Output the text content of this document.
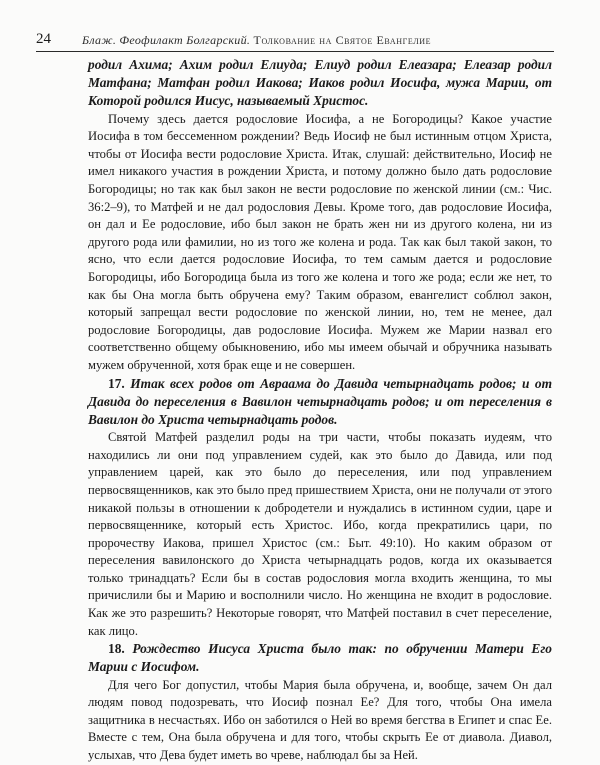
24	Блаж. Феофилакт Болгарский. Толкование на Святое Евангелие

родил Ахима; Ахим родил Елиуда; Елиуд родил Елеазара; Елеазар родил Матфана; Матфан родил Иакова; Иаков родил Иосифа, мужа Марии, от Которой родился Иисус, называемый Христос.

Почему здесь дается родословие Иосифа, а не Богородицы? Какое участие Иосифа в том бессеменном рождении? Ведь Иосиф не был истинным отцом Христа, чтобы от Иосифа вести родословие Христа. Итак, слушай: действительно, Иосиф не имел никакого участия в рождении Христа, и потому должно было дать родословие Богородицы; но так как был закон не вести родословие по женской линии (см.: Чис. 36:2–9), то Матфей и не дал родословия Девы. Кроме того, дав родословие Иосифа, он дал и Ее родословие, ибо был закон не брать жен ни из другого колена, ни из другого рода или фамилии, но из того же колена и рода. Так как был такой закон, то ясно, что если дается родословие Иосифа, то тем самым дается и родословие Богородицы, ибо Богородица была из того же колена и того же рода; если же нет, то как бы Она могла быть обручена ему? Таким образом, евангелист соблюл закон, который запрещал вести родословие по женской линии, но, тем не менее, дал родословие Богородицы, дав родословие Иосифа. Мужем же Марии назвал его соответственно общему обыкновению, ибо мы имеем обычай и обручника называть мужем обрученной, хотя брак еще и не совершен.

17. Итак всех родов от Авраама до Давида четырнадцать родов; и от Давида до переселения в Вавилон четырнадцать родов; и от переселения в Вавилон до Христа четырнадцать родов.

Святой Матфей разделил роды на три части, чтобы показать иудеям, что находились ли они под управлением судей, как это было до Давида, или под управлением царей, как это было до переселения, или под управлением первосвященников, как это было пред пришествием Христа, они не получали от этого никакой пользы в отношении к добродетели и нуждались в истинном судии, царе и первосвященнике, который есть Христос. Ибо, когда прекратились цари, по пророчеству Иакова, пришел Христос (см.: Быт. 49:10). Но каким образом от переселения вавилонского до Христа четырнадцать родов, когда их оказывается только тринадцать? Если бы в состав родословия могла входить женщина, то мы причислили бы и Марию и восполнили число. Но женщина не входит в родословие. Как же это разрешить? Некоторые говорят, что Матфей поставил в счет переселение, как лицо.

18. Рождество Иисуса Христа было так: по обручении Матери Его Марии с Иосифом.

Для чего Бог допустил, чтобы Мария была обручена, и, вообще, зачем Он дал людям повод подозревать, что Иосиф познал Ее? Для того, чтобы Она имела защитника в несчастьях. Ибо он заботился о Ней во время бегства в Египет и спас Ее. Вместе с тем, Она была обручена и для того, чтобы скрыть Ее от диавола. Диавол, услыхав, что Дева будет иметь во чреве, наблюдал бы за Ней.
